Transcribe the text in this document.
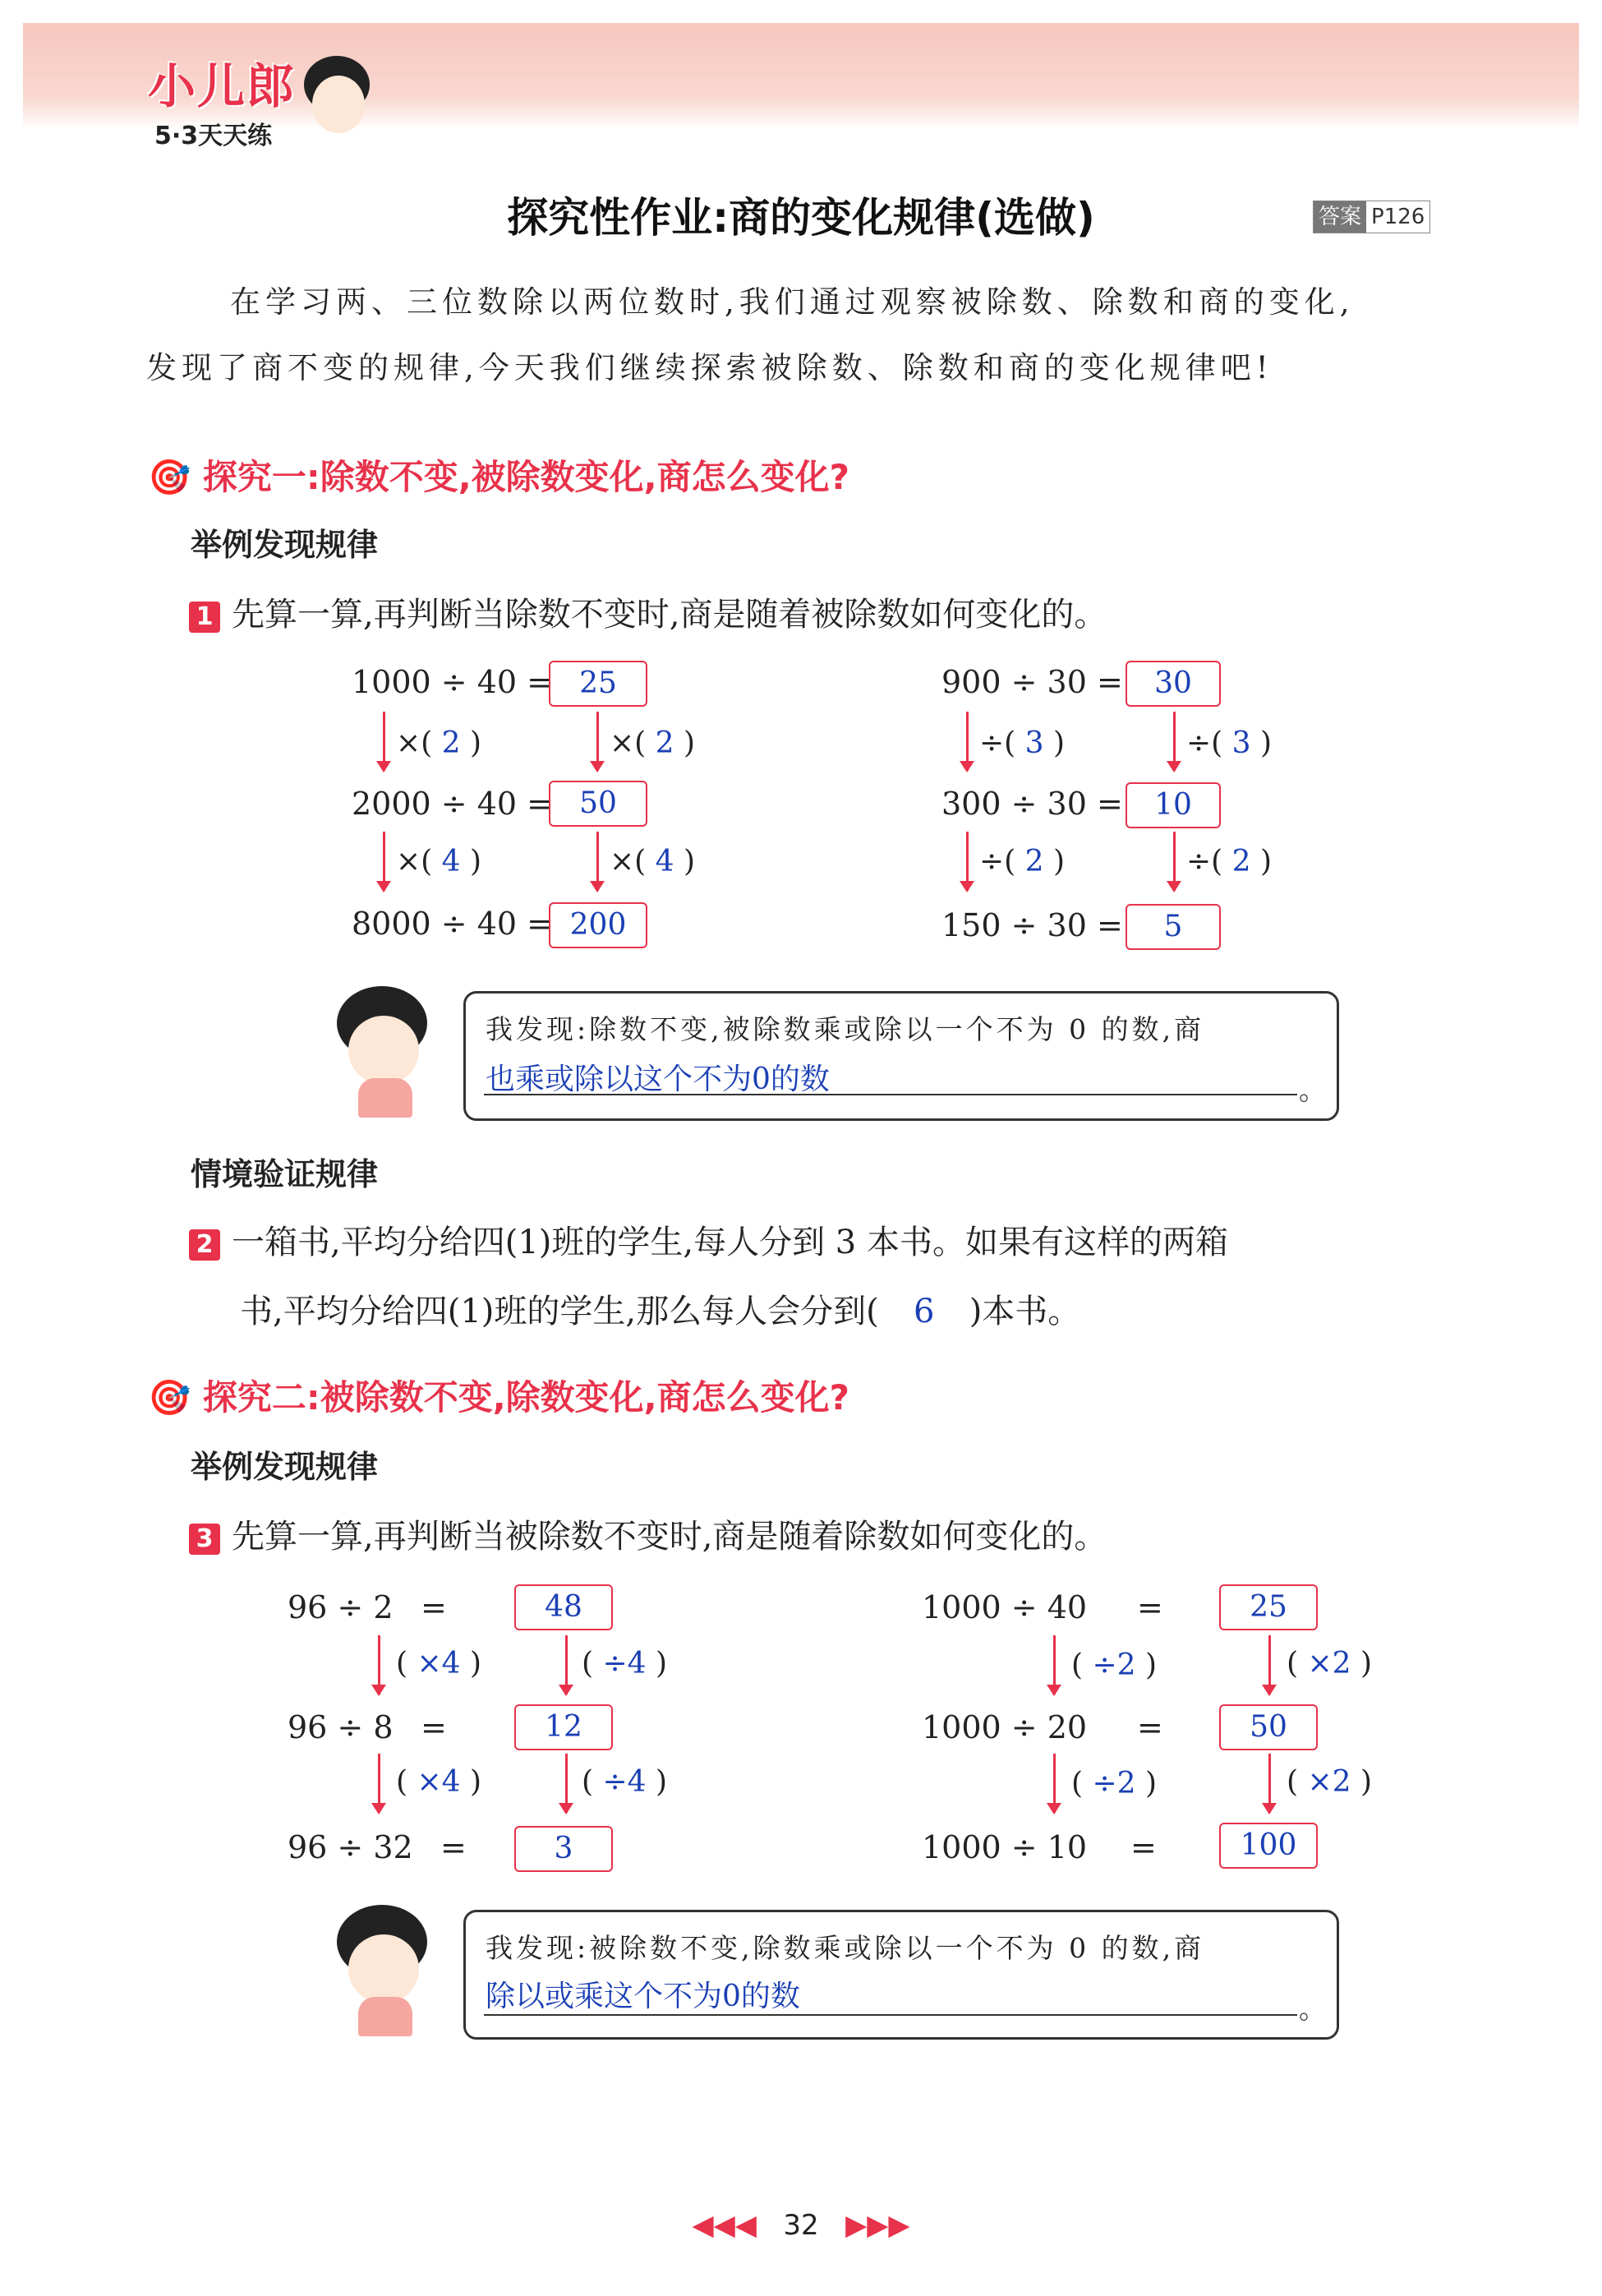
小儿郎
5·3天天练
探究性作业:商的变化规律(选做)	答案 P126
在学习两、三位数除以两位数时,我们通过观察被除数、除数和商的变化,
发现了商不变的规律,今天我们继续探索被除数、除数和商的变化规律吧!
🎯 探究一:除数不变,被除数变化,商怎么变化?
举例发现规律
1 先算一算,再判断当除数不变时,商是随着被除数如何变化的。
1000 ÷ 40 = 25
×( 2 )	×( 2 )
2000 ÷ 40 = 50
×( 4 )	×( 4 )
8000 ÷ 40 = 200
900 ÷ 30 =	30
÷( 3 )	÷( 3 )
300 ÷ 30 =	10
÷( 2 )	÷( 2 )
150 ÷ 30 =	5
我发现:除数不变,被除数乘或除以一个不为 0 的数,商
也乘或除以这个不为0的数	。
情境验证规律
2 一箱书,平均分给四(1)班的学生,每人分到 3 本书。如果有这样的两箱
书,平均分给四(1)班的学生,那么每人会分到( 6 )本书。
🎯 探究二:被除数不变,除数变化,商怎么变化?
举例发现规律
3 先算一算,再判断当被除数不变时,商是随着除数如何变化的。
96 ÷ 2 =	48
( ×4 )	( ÷4 )
96 ÷ 8 =	12
( ×4 )	( ÷4 )
96 ÷ 32 =	3
1000 ÷ 40 =	25
( ÷2 )	( ×2 )
1000 ÷ 20 =	50
( ÷2 )	( ×2 )
1000 ÷ 10 =	100
我发现:被除数不变,除数乘或除以一个不为 0 的数,商
除以或乘这个不为0的数	。
◀◀◀ 32 ▶▶▶
